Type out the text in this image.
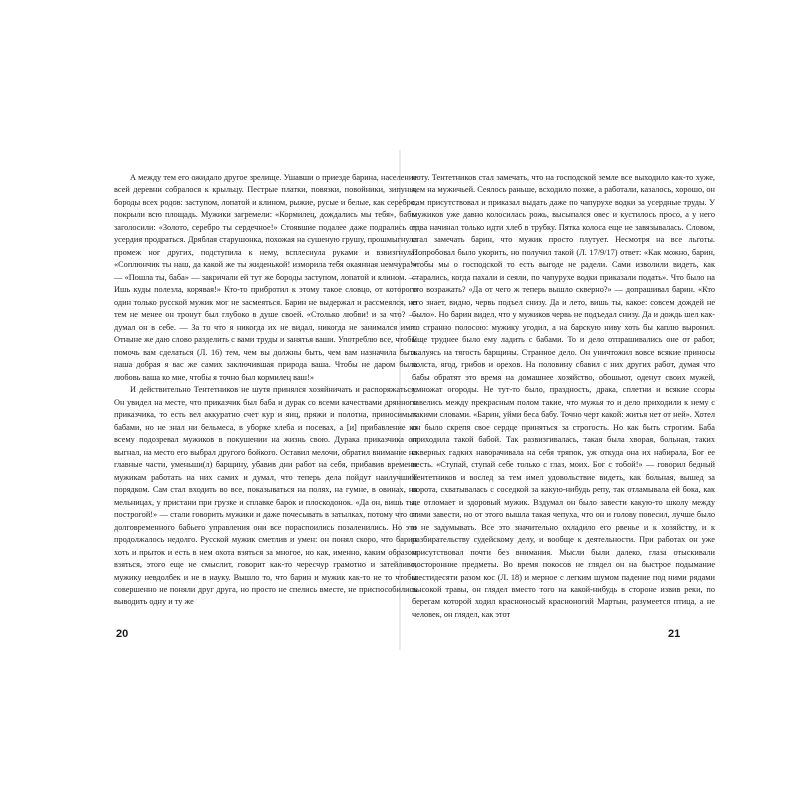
А между тем его ожидало другое зрелище. Ушавши о приезде барина, население всей деревни собралося к крыльцу. Пестрые платки, повязки, повойники, зипуны, бороды всех родов: заступом, лопатой и клином, рыжие, русые и белые, как серебро, покрыли всю площадь. Мужики загремели: «Кормилец, дождались мы тебя», бабы заголосили: «Золото, серебро ты сердечное!» Стоявшие подалее даже подрались от усердия продраться. Дряблая старушонка, похожая на сушеную грушу, прошмыгнула промеж ног других, подступила к нему, всплеснула руками и взвизгнула: «Соплюнчик ты наш, да какой же ты жиденькой! изморила тебя окаянная немчура!» — «Пошла ты, баба» — закричали ей тут же бороды заступом, лопатой и клином. — Ишь куды полезла, корявая!» Кто-то прибротил к этому такое словцо, от которого один только русской мужик мог не засмеяться. Барин не выдержал и рассмеялся, но тем не менее он тронут был глубоко в душе своей. «Столько любви! и за что? — думал он в себе. — За то что я никогда их не видал, никогда не занимался ими. Отныне же даю слово разделить с вами труды и занятья ваши. Употреблю все, чтобы помочь вам сделаться (Л. 16) тем, чем вы должны быть, чем вам назначила быть наша добрая я вас же самих заключившая природа ваша. Чтобы не даром была любовь ваша ко мне, чтобы я точно был кормилец ваш!»

И действительно Тентетников не шутя принялся хозяйничать и распоряжаться. Он увидел на месте, что приказчик был баба и дурак со всеми качествами дрянного приказчика, то есть вел аккуратно счет кур и яиц, пряжи и полотна, приносимых бабами, но не знал ни бельмеса, в уборке хлеба и посевах, а [и] прибавление ко всему подозревал мужиков в покушении на жизнь свою. Дурака приказчика он выгнал, на место его выбрал другого бойкого. Оставил мелочи, обратил внимание на главные части, уменьши(л) барщину, убавив дни работ на себя, прибавив времени мужикам работать на них самих и думал, что теперь дела пойдут наилучшим порядком. Сам стал входить во все, показываться на полях, на гумне, в овинах, на мельницах, у пристани при грузке и сплавке барок и плоскодонок. «Да он, вишь ты, построгой!» — стали говорить мужики и даже почесывать в затылках, потому что от долговременного бабьего управления они все пораспоились позаленились. Но это продолжалось недолго. Русской мужик сметлив и умен: он понял скоро, что барин хоть и прыток и есть в нем охота взяться за многое, но как, именно, каким образом взяться, этого еще не смыслит, говорит как-то чересчур грамотно и затейливо, мужику невдолбек и не в науку. Вышло то, что барин и мужик как-то не то чтобы совершенно не поняли друг друга, но просто не спелись вместе, не приспособились выводить одну и ту же

20

ноту. Тентетников стал замечать, что на господской земле все выходило как-то хуже, чем на мужичьей. Сеялось раньше, всходило позже, а работали, казалось, хорошо, он сам присутствовал и приказал выдать даже по чапурухе водки за усердные труды. У мужиков уже давно колосилась рожь, высыпался овес и кустилось просо, а у него едва начинал только идти хлеб в трубку. Пятка колоса еще не завязывалась. Словом, стал замечать барин, что мужик просто плутует. Несмотря на все льготы. Попробовал было укорить, но получил такой (Л. 17/9/17) ответ: «Как можно, барин, чтобы мы о господской то есть выгоде не радели. Сами изволили видеть, как старались, когда пахали и сеяли, по чапурухе водки приказали подать». Что было на это возражать? «Да от чего ж теперь вышло скверно?» — допрашивал барин. «Кто его знает, видно, червь подъел снизу. Да и лето, вишь ты, какое: совсем дождей не было». Но барин видел, что у мужиков червь не подъедал снизу. Да и дождь шел как-то странно полосою: мужику угодил, а на барскую ниву хоть бы каплю выронил. Еще труднее было ему ладить с бабами. То и дело отпрашивались оне от работ, жалуясь на тягость барщины. Странное дело. Он уничтожил вовсе всякие приносы холста, ягод, грибов и орехов. На половину сбавил с них других работ, думая что бабы обратят это время на домашнее хозяйство, обошьют, оденут своих мужей, умножат огороды. Не тут-то было, праздность, драка, сплетни и всякие ссоры завелись между прекрасным полом такие, что мужья то и дело приходили к нему с такими словами. «Барин, уйми беса бабу. Точно черт какой: житья нет от ней». Хотел он было скрепя свое сердце приняться за строгость. Но как быть строгим. Баба приходила такой бабой. Так развизгивалась, такая была хворая, больная, таких скверных гадких наворачивала на себя тряпок, уж откуда она их набирала, Бог ее весть. «Ступай, ступай себе только с глаз, моих. Бог с тобой!» — говорил бедный Тентетников и вослед за тем имел удовольствие видеть, как больная, вышед за ворота, схватывалась с соседкой за какую-нибудь репу, так отламывала ей бока, как не отломает и здоровый мужик. Вздумал он было завести какую-то школу между ними завести, но от этого вышла такая чепуха, что он и голову повесил, лучше было и не задумывать. Все это значительно охладило его рвенье и к хозяйству, и к разбирательству судейскому делу, и вообще к деятельности. При работах он уже присутствовал почти без внимания. Мысли были далеко, глаза отыскивали посторонние предметы. Во время покосов не глядел он на быстрое подымание шестидесяти разом кос (Л. 18) и мерное с легким шумом падение под ними рядами высокой травы, он глядел вместо того на какой-нибудь в стороне извив реки, по берегам которой ходил красноносый красноногий Мартын, разумеется птица, а не человек, он глядел, как этот

21
